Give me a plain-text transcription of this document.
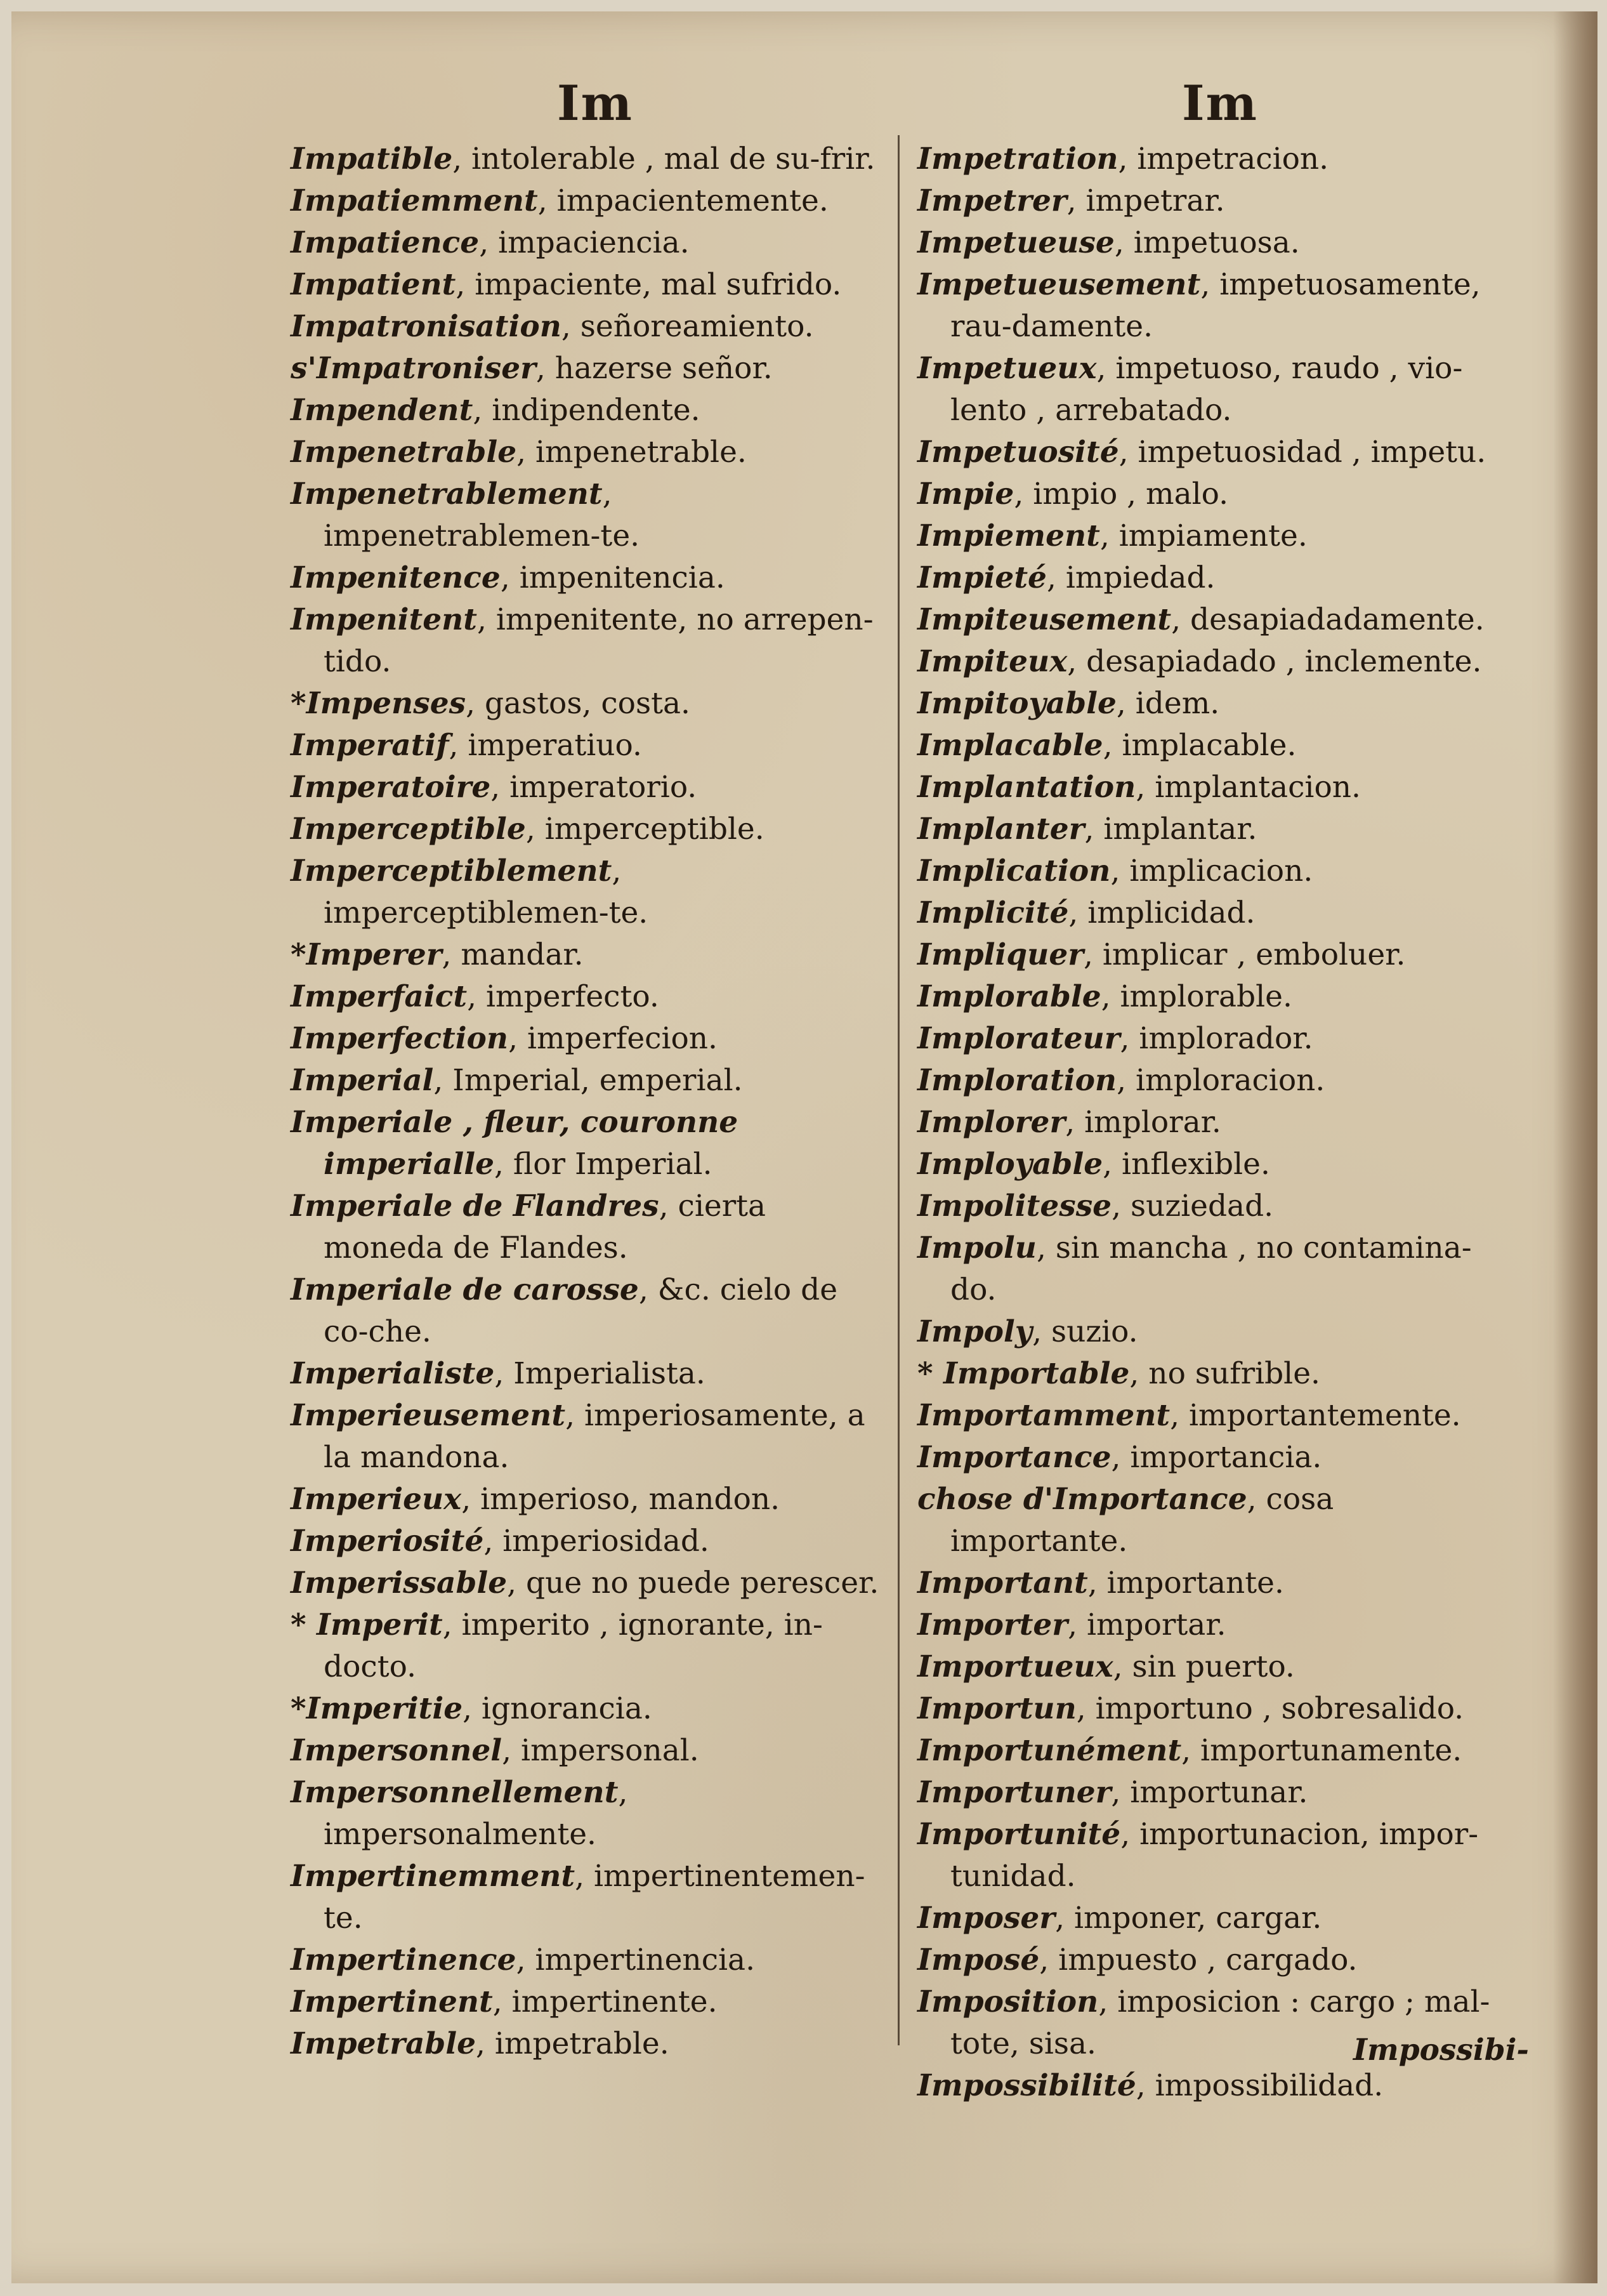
Im	Im

Impatible, intolerable , mal de su-frir.

Impatiemment, impacientemente.

Impatience, impaciencia.

Impatient, impaciente, mal sufrido.

Impatronisation, señoreamiento.

s'Impatroniser, hazerse señor.

Impendent, indipendente.

Impenetrable, impenetrable.

Impenetrablement, impenetrablemen-te.

Impenitence, impenitencia.

Impenitent, impenitente, no arrepen-tido.

*Impenses, gastos, costa.

Imperatif, imperatiuo.

Imperatoire, imperatorio.

Imperceptible, imperceptible.

Imperceptiblement, imperceptiblemen-te.

*Imperer, mandar.

Imperfaict, imperfecto.

Imperfection, imperfecion.

Imperial, Imperial, emperial.

Imperiale , fleur, couronne imperialle, flor Imperial.

Imperiale de Flandres, cierta moneda de Flandes.

Imperiale de carosse, &c. cielo de co-che.

Imperialiste, Imperialista.

Imperieusement, imperiosamente, a la mandona.

Imperieux, imperioso, mandon.

Imperiosité, imperiosidad.

Imperissable, que no puede perescer.

* Imperit, imperito , ignorante, in-docto.

*Imperitie, ignorancia.

Impersonnel, impersonal.

Impersonnellement, impersonalmente.

Impertinemment, impertinentemen-te.

Impertinence, impertinencia.

Impertinent, impertinente.

Impetrable, impetrable.

Impetration, impetracion.

Impetrer, impetrar.

Impetueuse, impetuosa.

Impetueusement, impetuosamente, rau-damente.

Impetueux, impetuoso, raudo , vio-lento , arrebatado.

Impetuosité, impetuosidad , impetu.

Impie, impio , malo.

Impiement, impiamente.

Impieté, impiedad.

Impiteusement, desapiadadamente.

Impiteux, desapiadado , inclemente.

Impitoyable, idem.

Implacable, implacable.

Implantation, implantacion.

Implanter, implantar.

Implication, implicacion.

Implicité, implicidad.

Impliquer, implicar , emboluer.

Implorable, implorable.

Implorateur, implorador.

Imploration, imploracion.

Implorer, implorar.

Imployable, inflexible.

Impolitesse, suziedad.

Impolu, sin mancha , no contamina-do.

Impoly, suzio.

* Importable, no sufrible.

Importamment, importantemente.

Importance, importancia.

chose d'Importance, cosa importante.

Important, importante.

Importer, importar.

Importueux, sin puerto.

Importun, importuno , sobresalido.

Importunément, importunamente.

Importuner, importunar.

Importunité, importunacion, impor-tunidad.

Imposer, imponer, cargar.

Imposé, impuesto , cargado.

Imposition, imposicion : cargo ; mal-tote, sisa.

Impossibilité, impossibilidad.

Impossibi-
